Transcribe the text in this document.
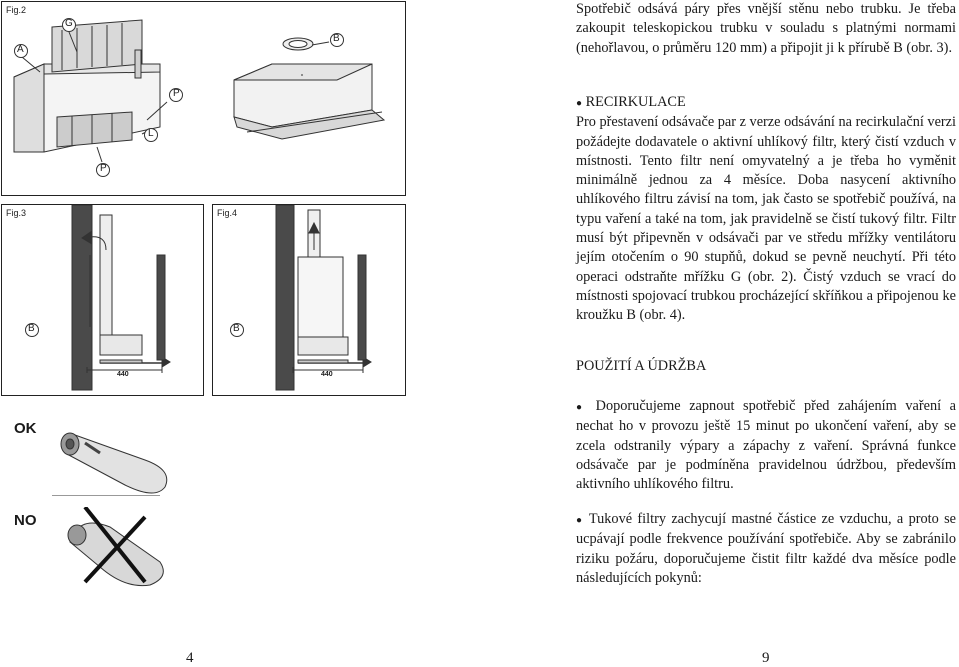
Fig.2
A
G
B
P
L
P
Fig.3
B
440
Fig.4
B
440
OK
NO

Spotřebič odsává páry přes vnější stěnu nebo trubku. Je třeba zakoupit teleskopickou trubku v souladu s platnými normami (nehořlavou, o průměru 120 mm) a připojit ji k přírubě B (obr. 3).

● RECIRKULACE

Pro přestavení odsávače par z verze odsávání na recirkulační verzi požádejte dodavatele o aktivní uhlíkový filtr, který čistí vzduch v místnosti. Tento filtr není omyvatelný a je třeba ho vyměnit minimálně jednou za 4 měsíce. Doba nasycení aktivního uhlíkového filtru závisí na tom, jak často se spotřebič používá, na typu vaření a také na tom, jak pravidelně se čistí tukový filtr. Filtr musí být připevněn v odsávači par ve středu mřížky ventilátoru jejím otočením o 90 stupňů, dokud se pevně neuchytí. Při této operaci odstraňte mřížku G (obr. 2). Čistý vzduch se vrací do místnosti spojovací trubkou procházející skříňkou a připojenou ke kroužku B (obr. 4).

POUŽITÍ A ÚDRŽBA

● Doporučujeme zapnout spotřebič před zahájením vaření a nechat ho v provozu ještě 15 minut po ukončení vaření, aby se zcela odstranily výpary a zápachy z vaření. Správná funkce odsávače par je podmíněna pravidelnou údržbou, především aktivního uhlíkového filtru.

● Tukové filtry zachycují mastné částice ze vzduchu, a proto se ucpávají podle frekvence používání spotřebiče. Aby se zabránilo riziku požáru, doporučujeme čistit filtr každé dva měsíce podle následujících pokynů:

4	9
